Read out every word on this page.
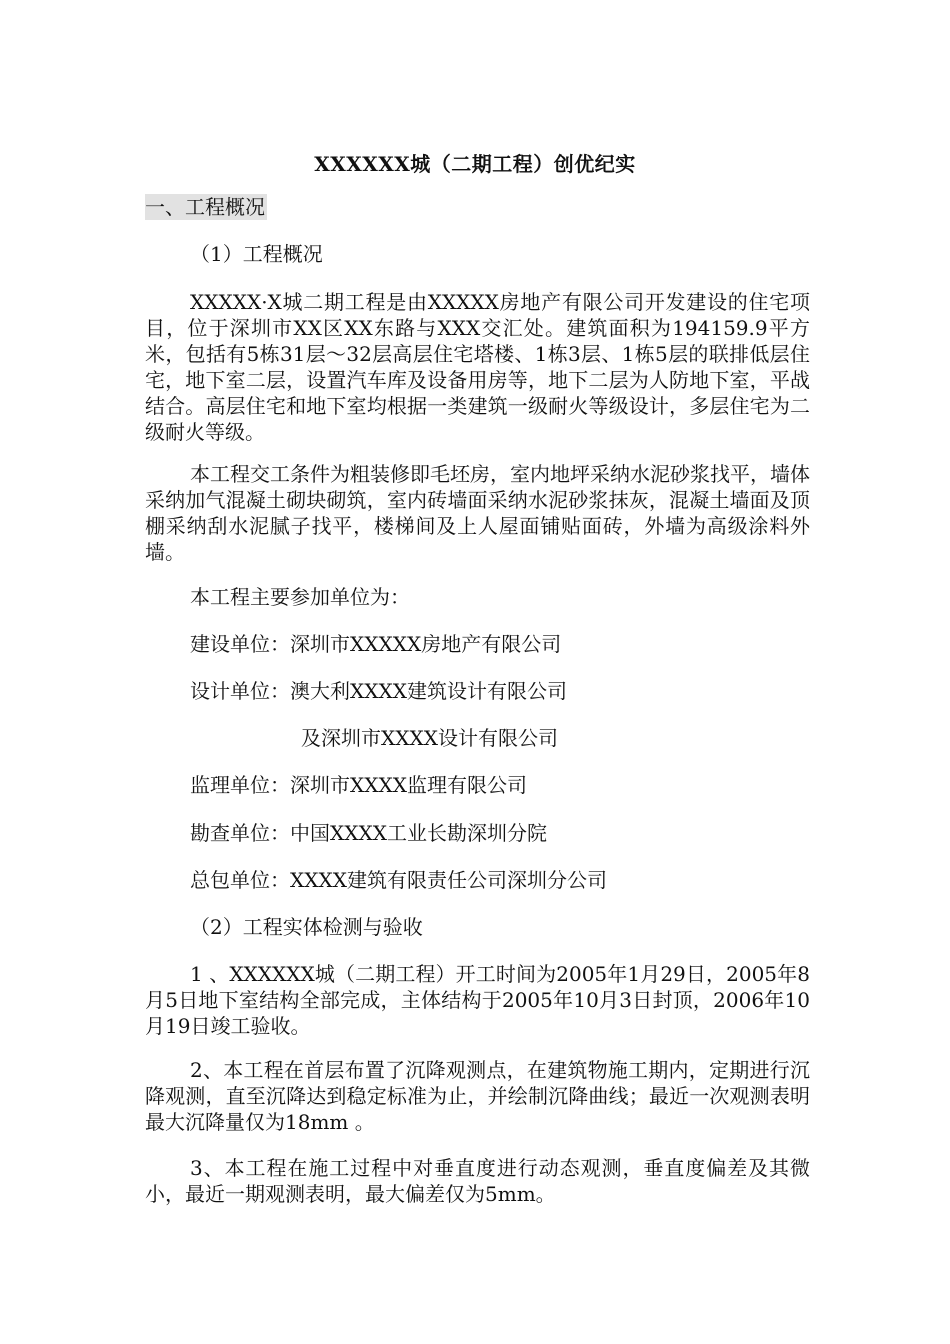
XXXXXX城（二期工程）创优纪实
一、工程概况
（1）工程概况
XXXXX·X城二期工程是由XXXXX房地产有限公司开发建设的住宅项目，位于深圳市XX区XX东路与XXX交汇处。建筑面积为194159.9平方米，包括有5栋31层～32层高层住宅塔楼、1栋3层、1栋5层的联排低层住宅，地下室二层，设置汽车库及设备用房等，地下二层为人防地下室，平战结合。高层住宅和地下室均根据一类建筑一级耐火等级设计，多层住宅为二级耐火等级。
本工程交工条件为粗装修即毛坯房，室内地坪采纳水泥砂浆找平，墙体采纳加气混凝土砌块砌筑，室内砖墙面采纳水泥砂浆抹灰，混凝土墙面及顶棚采纳刮水泥腻子找平，楼梯间及上人屋面铺贴面砖，外墙为高级涂料外墙。
本工程主要参加单位为：
建设单位：深圳市XXXXX房地产有限公司
设计单位：澳大利XXXX建筑设计有限公司
及深圳市XXXX设计有限公司
监理单位：深圳市XXXX监理有限公司
勘查单位：中国XXXX工业长勘深圳分院
总包单位：XXXX建筑有限责任公司深圳分公司
（2）工程实体检测与验收
1 、XXXXXX城（二期工程）开工时间为2005年1月29日，2005年8月5日地下室结构全部完成，主体结构于2005年10月3日封顶，2006年10月19日竣工验收。
2、本工程在首层布置了沉降观测点，在建筑物施工期内，定期进行沉降观测，直至沉降达到稳定标准为止，并绘制沉降曲线；最近一次观测表明最大沉降量仅为18mm 。
3、本工程在施工过程中对垂直度进行动态观测，垂直度偏差及其微小，最近一期观测表明，最大偏差仅为5mm。
